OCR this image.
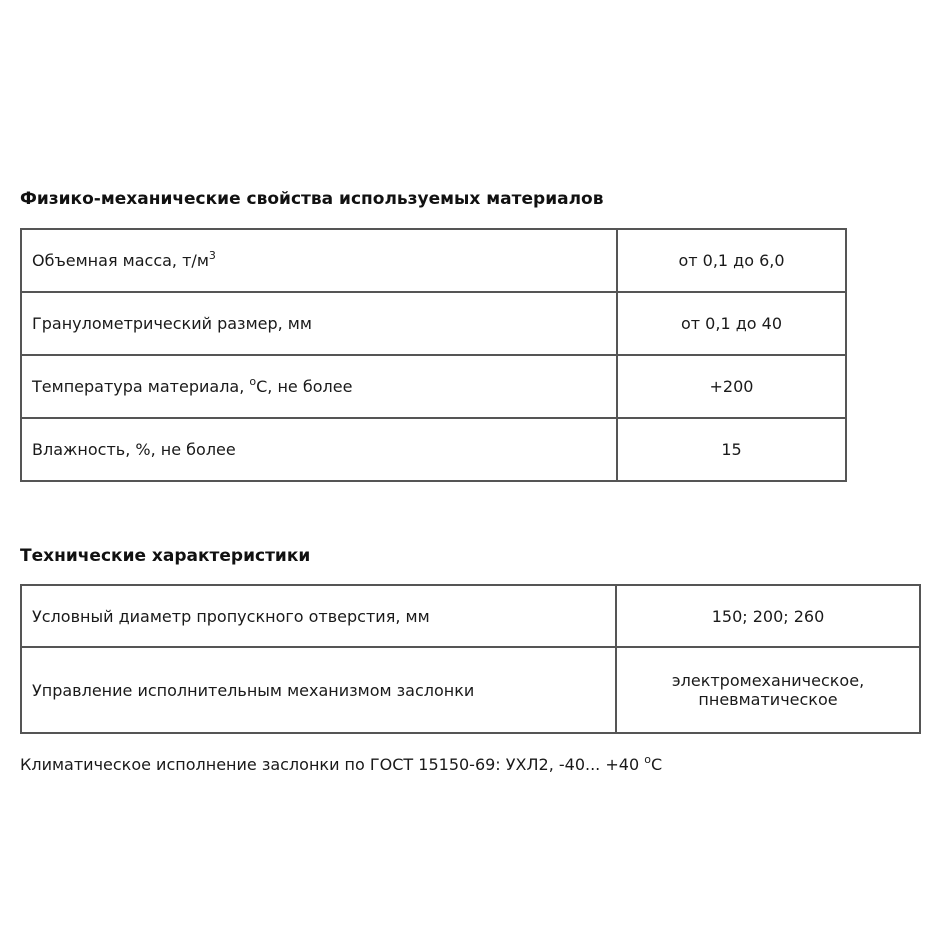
Физико-механические свойства используемых материалов
Объемная масса, $т/м^3$	от 0,1 до 6,0
Гранулометрический размер, мм	от 0,1 до 40
Температура материала, $^о$С, не более	+200
Влажность, %, не более	15
Технические характеристики
Условный диаметр пропускного отверстия, мм	150; 200; 260
Управление исполнительным механизмом заслонки	электромеханическое,
пневматическое

Климатическое исполнение заслонки по ГОСТ 15150-69: УХЛ2, -40... +40 $^о$С
